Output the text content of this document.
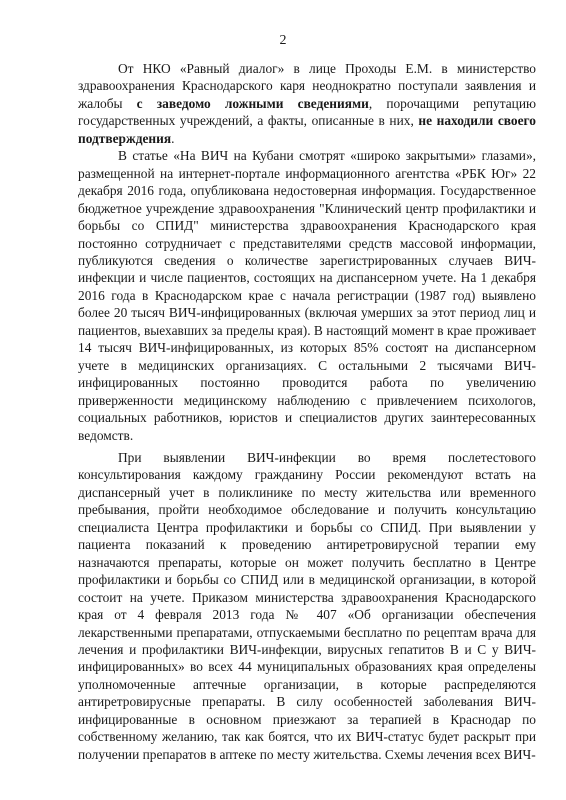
2

От НКО «Равный диалог» в лице Проходы Е.М. в министерство здравоохранения Краснодарского каря неоднократно поступали заявления и жалобы с заведомо ложными сведениями, порочащими репутацию государственных учреждений, а факты, описанные в них, не находили своего подтверждения.

В статье «На ВИЧ на Кубани смотрят «широко закрытыми» глазами», размещенной на интернет-портале информационного агентства «РБК Юг» 22 декабря 2016 года, опубликована недостоверная информация. Государственное бюджетное учреждение здравоохранения "Клинический центр профилактики и борьбы со СПИД" министерства здравоохранения Краснодарского края постоянно сотрудничает с представителями средств массовой информации, публикуются сведения о количестве зарегистрированных случаев ВИЧ-инфекции и числе пациентов, состоящих на диспансерном учете. На 1 декабря 2016 года в Краснодарском крае с начала регистрации (1987 год) выявлено более 20 тысяч ВИЧ-инфицированных (включая умерших за этот период лиц и пациентов, выехавших за пределы края). В настоящий момент в крае проживает 14 тысяч ВИЧ-инфицированных, из которых 85% состоят на диспансерном учете в медицинских организациях. С остальными 2 тысячами ВИЧ-инфицированных постоянно проводится работа по увеличению приверженности медицинскому наблюдению с привлечением психологов, социальных работников, юристов и специалистов других заинтересованных ведомств.

При выявлении ВИЧ-инфекции во время послетестового консультирования каждому гражданину России рекомендуют встать на диспансерный учет в поликлинике по месту жительства или временного пребывания, пройти необходимое обследование и получить консультацию специалиста Центра профилактики и борьбы со СПИД. При выявлении у пациента показаний к проведению антиретровирусной терапии ему назначаются препараты, которые он может получить бесплатно в Центре профилактики и борьбы со СПИД или в медицинской организации, в которой состоит на учете. Приказом министерства здравоохранения Краснодарского края от 4 февраля 2013 года № 407 «Об организации обеспечения лекарственными препаратами, отпускаемыми бесплатно по рецептам врача для лечения и профилактики ВИЧ-инфекции, вирусных гепатитов В и С у ВИЧ-инфицированных» во всех 44 муниципальных образованиях края определены уполномоченные аптечные организации, в которые распределяются антиретровирусные препараты. В силу особенностей заболевания ВИЧ-инфицированные в основном приезжают за терапией в Краснодар по собственному желанию, так как боятся, что их ВИЧ-статус будет раскрыт при получении препаратов в аптеке по месту жительства. Схемы лечения всех ВИЧ-
